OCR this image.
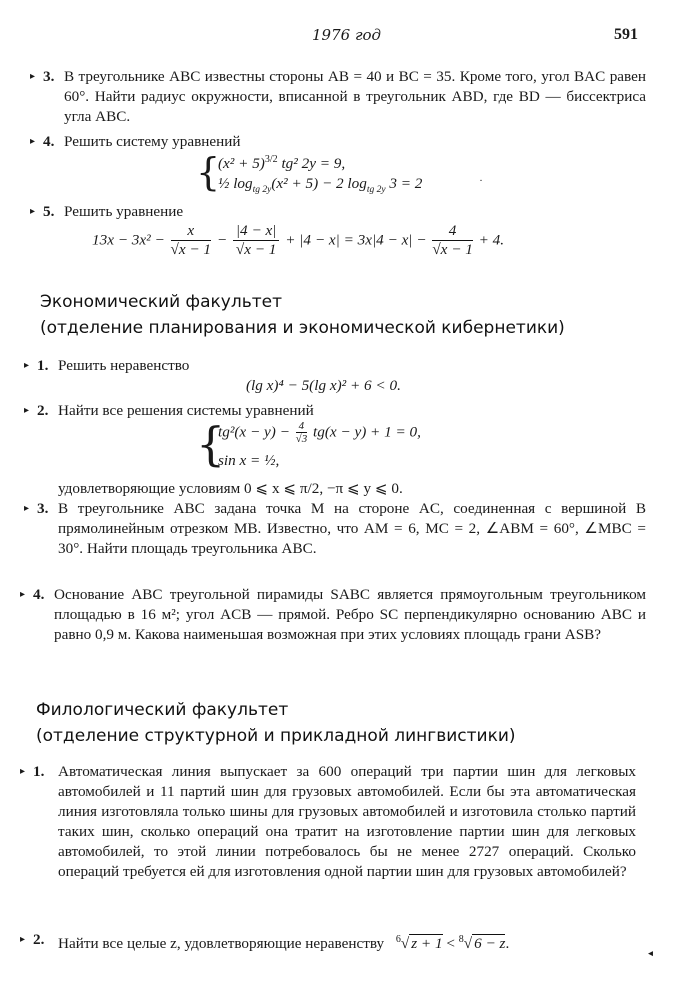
1976 год	591
▸ 3. В треугольнике ABC известны стороны AB = 40 и BC = 35. Кроме того, угол BAC равен 60°. Найти радиус окружности, вписанной в треугольник ABD, где BD — биссектриса угла ABC.

▸ 4. Решить систему уравнений

{
$(x^2 + 5)^{3/2}$ tg² 2y = 9,
½ $\log_{tg 2y}(x^2 + 5) - 2$ $\log_{tg 2y} 3 = 2$	.
▸ 5. Решить уравнение

$13x - 3x^2 - \frac{x}{√x - 1} - \frac{|4 - x|}{√x - 1} + |4 - x| = 3x|4 - x| - \frac{4}{√x - 1} + 4$.
Экономический факультет
(отделение планирования и экономической кибернетики)
▸ 1. Решить неравенство

(lg x)⁴ − 5(lg x)² + 6 < 0.
▸ 2. Найти все решения системы уравнений

{
$tg^2(x - y) - \frac{4}{√3} tg(x - y) + 1 = 0$,
sin x = ½,

удовлетворяющие условиям 0 ⩽ x ⩽ π/2, −π ⩽ y ⩽ 0.

▸ 3. В треугольнике ABC задана точка M на стороне AC, соединенная с вершиной B прямолинейным отрезком MB. Известно, что AM = 6, MC = 2, ∠ABM = 60°, ∠MBC = 30°. Найти площадь треугольника ABC.

▸ 4. Основание ABC треугольной пирамиды SABC является прямоугольным треугольником площадью в 16 м²; угол ACB — прямой. Ребро SC перпендикулярно основанию ABC и равно 0,9 м. Какова наименьшая возможная при этих условиях площадь грани ASB?

Филологический факультет
(отделение структурной и прикладной лингвистики)
▸ 1. Автоматическая линия выпускает за 600 операций три партии шин для легковых автомобилей и 11 партий шин для грузовых автомобилей. Если бы эта автоматическая линия изготовляла только шины для грузовых автомобилей и изготовила столько партий таких шин, сколько операций она тратит на изготовление партии шин для легковых автомобилей, то этой линии потребовалось бы не менее 2727 операций. Сколько операций требуется ей для изготовления одной партии шин для грузовых автомобилей?

▸ 2. Найти все целые z, удовлетворяющие неравенству $^6$√ z + 1 < $^8$√ 6 − z.
▸
